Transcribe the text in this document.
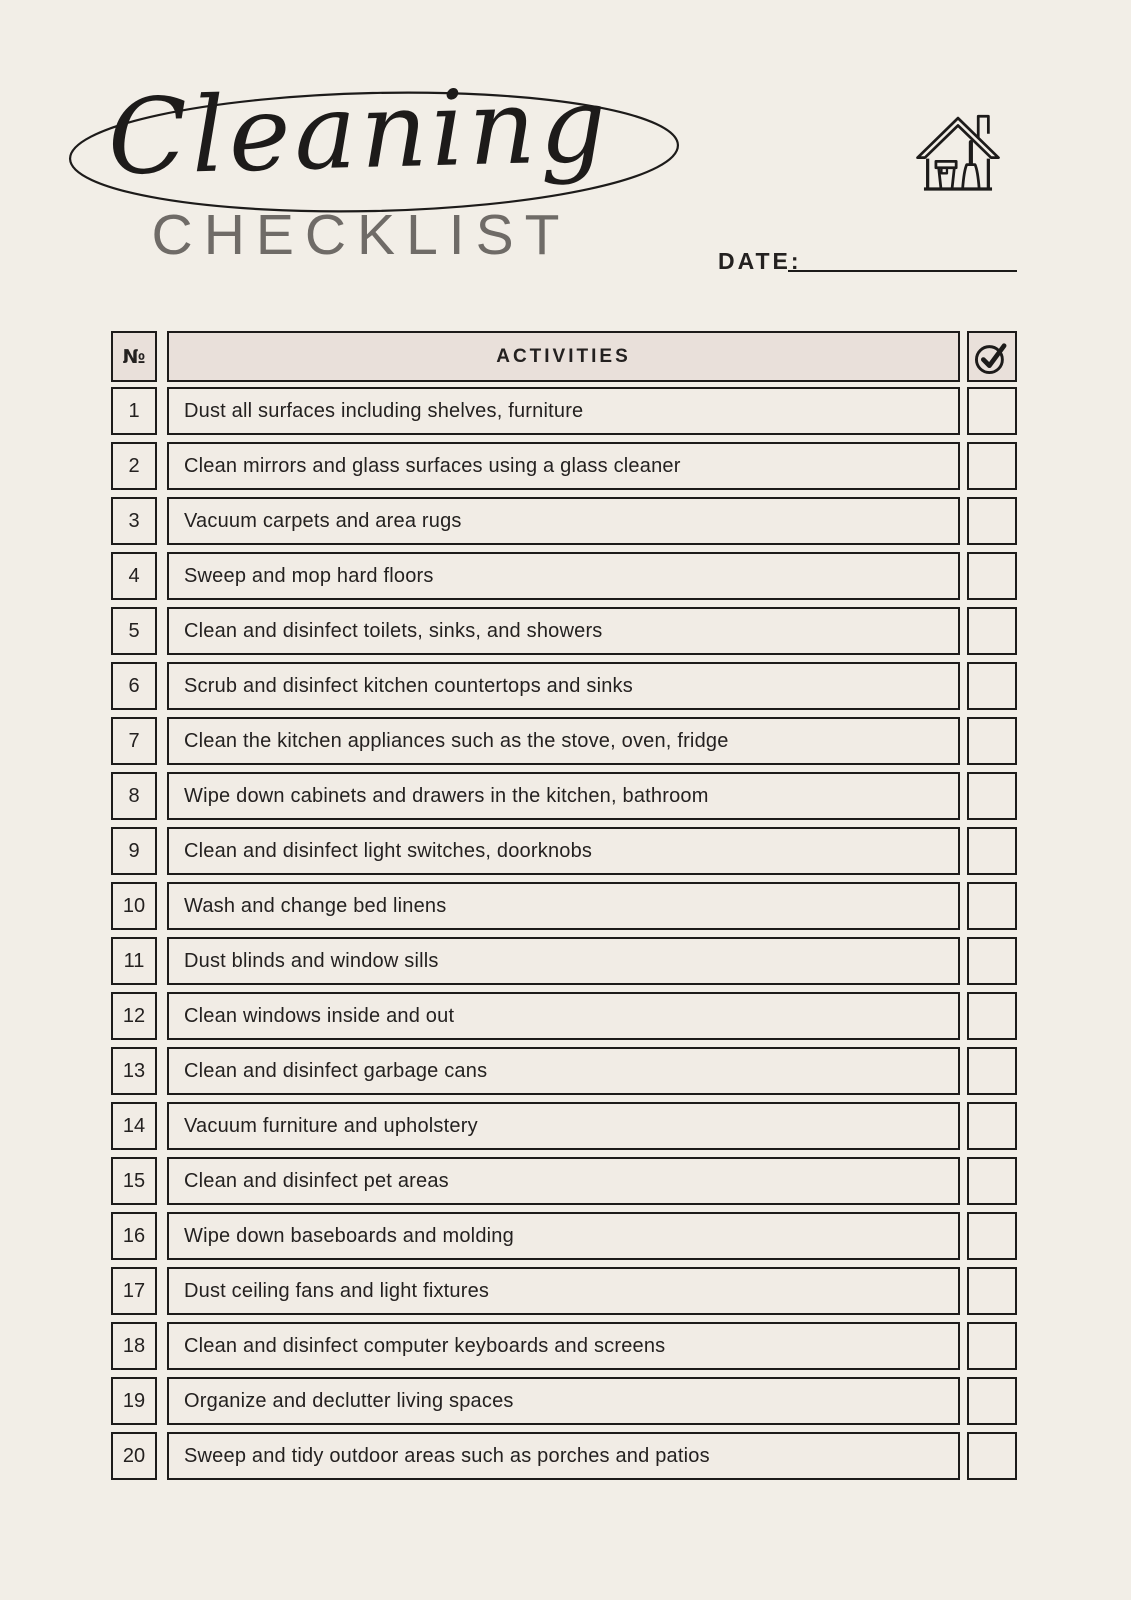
Cleaning
CHECKLIST	DATE:
№	ACTIVITIES
1	Dust all surfaces including shelves, furniture
2	Clean mirrors and glass surfaces using a glass cleaner
3	Vacuum carpets and area rugs
4	Sweep and mop hard floors
5	Clean and disinfect toilets, sinks, and showers
6	Scrub and disinfect kitchen countertops and sinks
7	Clean the kitchen appliances such as the stove, oven, fridge
8	Wipe down cabinets and drawers in the kitchen, bathroom
9	Clean and disinfect light switches, doorknobs
10	Wash and change bed linens
11	Dust blinds and window sills
12	Clean windows inside and out
13	Clean and disinfect garbage cans
14	Vacuum furniture and upholstery
15	Clean and disinfect pet areas
16	Wipe down baseboards and molding
17	Dust ceiling fans and light fixtures
18	Clean and disinfect computer keyboards and screens
19	Organize and declutter living spaces
20	Sweep and tidy outdoor areas such as porches and patios
